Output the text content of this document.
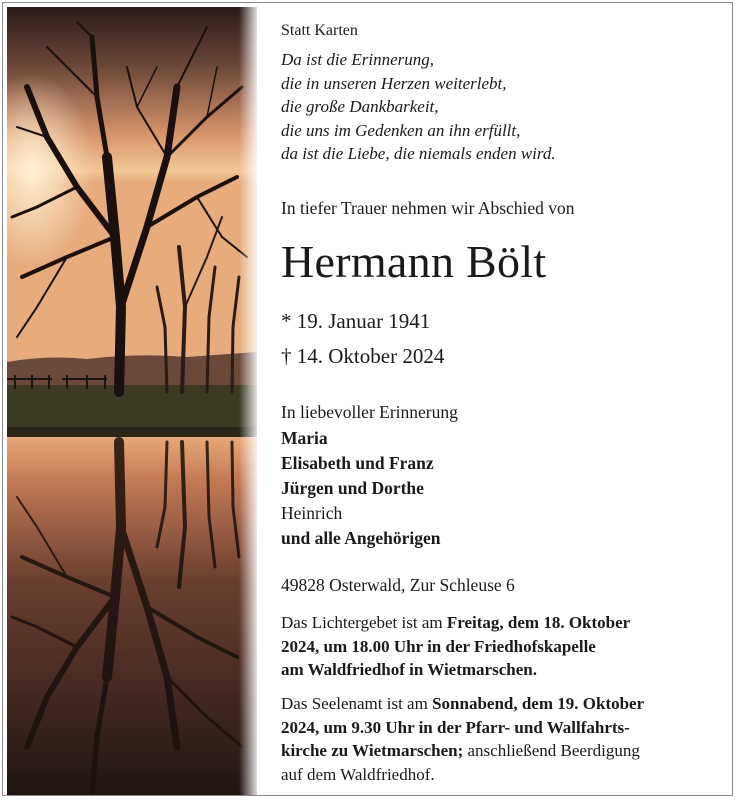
Statt Karten
Da ist die Erinnerung,
die in unseren Herzen weiterlebt,
die große Dankbarkeit,
die uns im Gedenken an ihn erfüllt,
da ist die Liebe, die niemals enden wird.
In tiefer Trauer nehmen wir Abschied von
Hermann Bölt
* 19. Januar 1941
† 14. Oktober 2024
In liebevoller Erinnerung
Maria
Elisabeth und Franz
Jürgen und Dorthe
Heinrich
und alle Angehörigen
49828 Osterwald, Zur Schleuse 6
Das Lichtergebet ist am Freitag, dem 18. Oktober
2024, um 18.00 Uhr in der Friedhofskapelle
am Waldfriedhof in Wietmarschen.
Das Seelenamt ist am Sonnabend, dem 19. Oktober
2024, um 9.30 Uhr in der Pfarr- und Wallfahrts-
kirche zu Wietmarschen; anschließend Beerdigung
auf dem Waldfriedhof.
